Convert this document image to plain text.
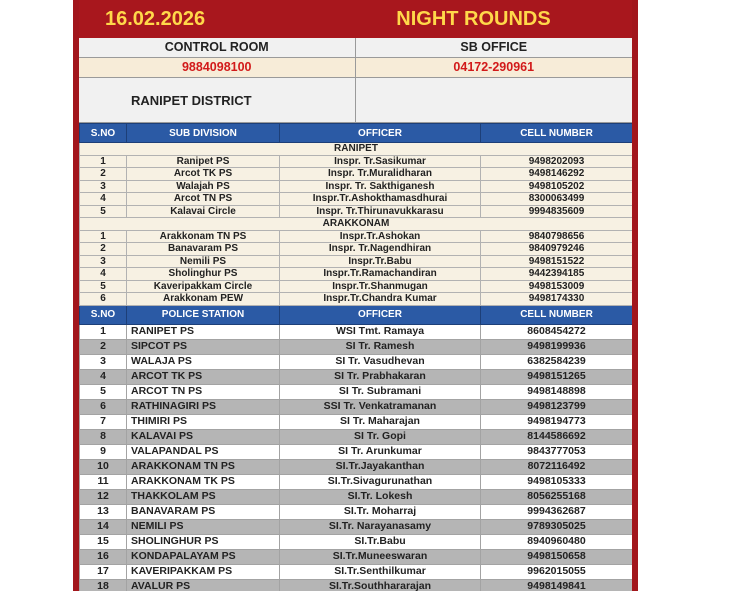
16.02.2026	NIGHT ROUNDS
CONTROL ROOM	SB OFFICE
9884098100	04172-290961
RANIPET DISTRICT
S.NO	SUB DIVISION	OFFICER	CELL NUMBER
RANIPET			
1	Ranipet PS	Inspr. Tr.Sasikumar	9498202093
2	Arcot TK PS	Inspr. Tr.Muralidharan	9498146292
3	Walajah PS	Inspr. Tr. Sakthiganesh	9498105202
4	Arcot TN PS	Inspr.Tr.Ashokthamasdhurai	8300063499
5	Kalavai Circle	Inspr. Tr.Thirunavukkarasu	9994835609
ARAKKONAM			
1	Arakkonam TN PS	Inspr.Tr.Ashokan	9840798656
2	Banavaram PS	Inspr. Tr.Nagendhiran	9840979246
3	Nemili PS	Inspr.Tr.Babu	9498151522
4	Sholinghur PS	Inspr.Tr.Ramachandiran	9442394185
5	Kaveripakkam Circle	Inspr.Tr.Shanmugan	9498153009
6	Arakkonam PEW	Inspr.Tr.Chandra Kumar	9498174330
S.NO	POLICE STATION	OFFICER	CELL NUMBER
1	RANIPET PS	WSI Tmt. Ramaya	8608454272
2	SIPCOT PS	SI Tr. Ramesh	9498199936
3	WALAJA PS	SI Tr. Vasudhevan	6382584239
4	ARCOT TK PS	SI Tr. Prabhakaran	9498151265
5	ARCOT TN PS	SI Tr. Subramani	9498148898
6	RATHINAGIRI PS	SSI Tr. Venkatramanan	9498123799
7	THIMIRI PS	SI Tr. Maharajan	9498194773
8	KALAVAI PS	SI Tr. Gopi	8144586692
9	VALAPANDAL PS	SI Tr. Arunkumar	9843777053
10	ARAKKONAM TN PS	SI.Tr.Jayakanthan	8072116492
11	ARAKKONAM TK PS	SI.Tr.Sivagurunathan	9498105333
12	THAKKOLAM PS	SI.Tr. Lokesh	8056255168
13	BANAVARAM PS	SI.Tr. Moharraj	9994362687
14	NEMILI PS	SI.Tr. Narayanasamy	9789305025
15	SHOLINGHUR PS	SI.Tr.Babu	8940960480
16	KONDAPALAYAM PS	SI.Tr.Muneeswaran	9498150658
17	KAVERIPAKKAM PS	SI.Tr.Senthilkumar	9962015055
18	AVALUR PS	SI.Tr.Southhararajan	9498149841
